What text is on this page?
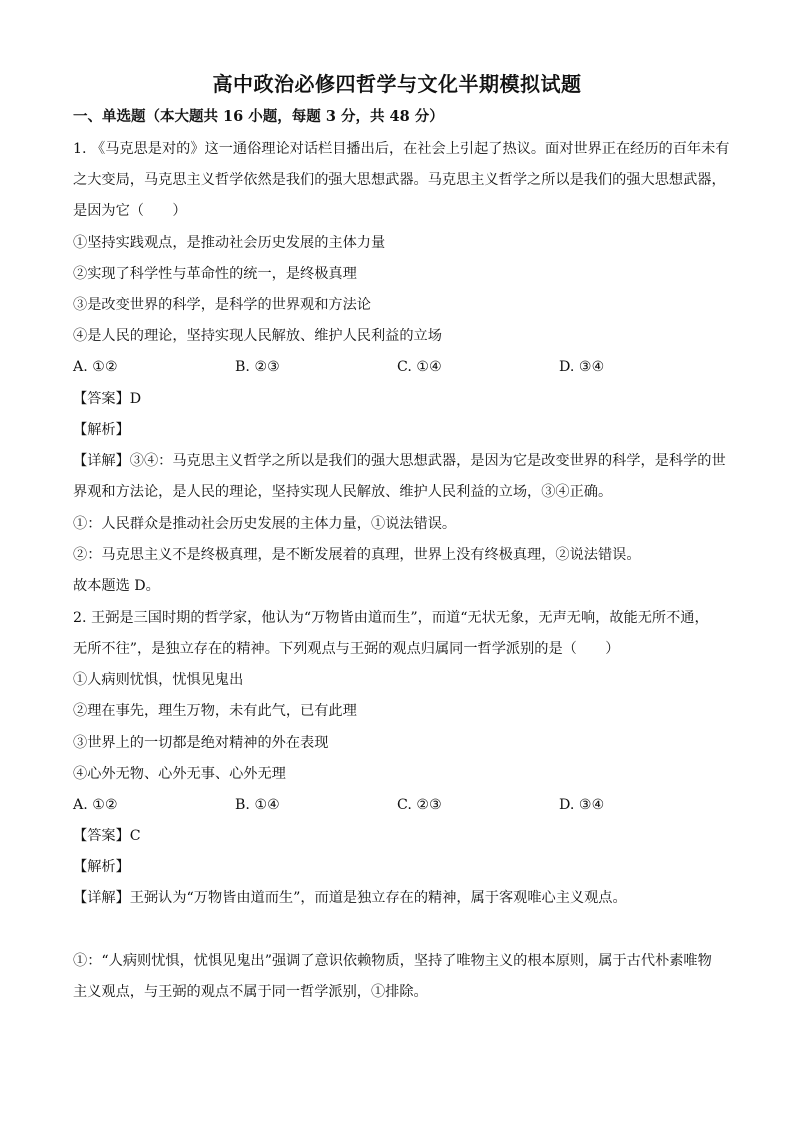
高中政治必修四哲学与文化半期模拟试题
一、单选题（本大题共 16 小题，每题 3 分，共 48 分）
1. 《马克思是对的》这一通俗理论对话栏目播出后，在社会上引起了热议。面对世界正在经历的百年未有
之大变局，马克思主义哲学依然是我们的强大思想武器。马克思主义哲学之所以是我们的强大思想武器，
是因为它（　　）
①坚持实践观点，是推动社会历史发展的主体力量
②实现了科学性与革命性的统一，是终极真理
③是改变世界的科学，是科学的世界观和方法论
④是人民的理论，坚持实现人民解放、维护人民利益的立场
A. ①②	B. ②③	C. ①④	D. ③④
【答案】D
【解析】
【详解】③④：马克思主义哲学之所以是我们的强大思想武器，是因为它是改变世界的科学，是科学的世
界观和方法论，是人民的理论，坚持实现人民解放、维护人民利益的立场，③④正确。
①：人民群众是推动社会历史发展的主体力量，①说法错误。
②：马克思主义不是终极真理，是不断发展着的真理，世界上没有终极真理，②说法错误。
故本题选 D。
2. 王弼是三国时期的哲学家，他认为“万物皆由道而生”，而道“无状无象，无声无响，故能无所不通，
无所不往”，是独立存在的精神。下列观点与王弼的观点归属同一哲学派别的是（　　）
①人病则忧惧，忧惧见鬼出
②理在事先，理生万物，未有此气，已有此理
③世界上的一切都是绝对精神的外在表现
④心外无物、心外无事、心外无理
A. ①②	B. ①④	C. ②③	D. ③④
【答案】C
【解析】
【详解】王弼认为“万物皆由道而生”，而道是独立存在的精神，属于客观唯心主义观点。
①：“人病则忧惧，忧惧见鬼出”强调了意识依赖物质，坚持了唯物主义的根本原则，属于古代朴素唯物
主义观点，与王弼的观点不属于同一哲学派别，①排除。
